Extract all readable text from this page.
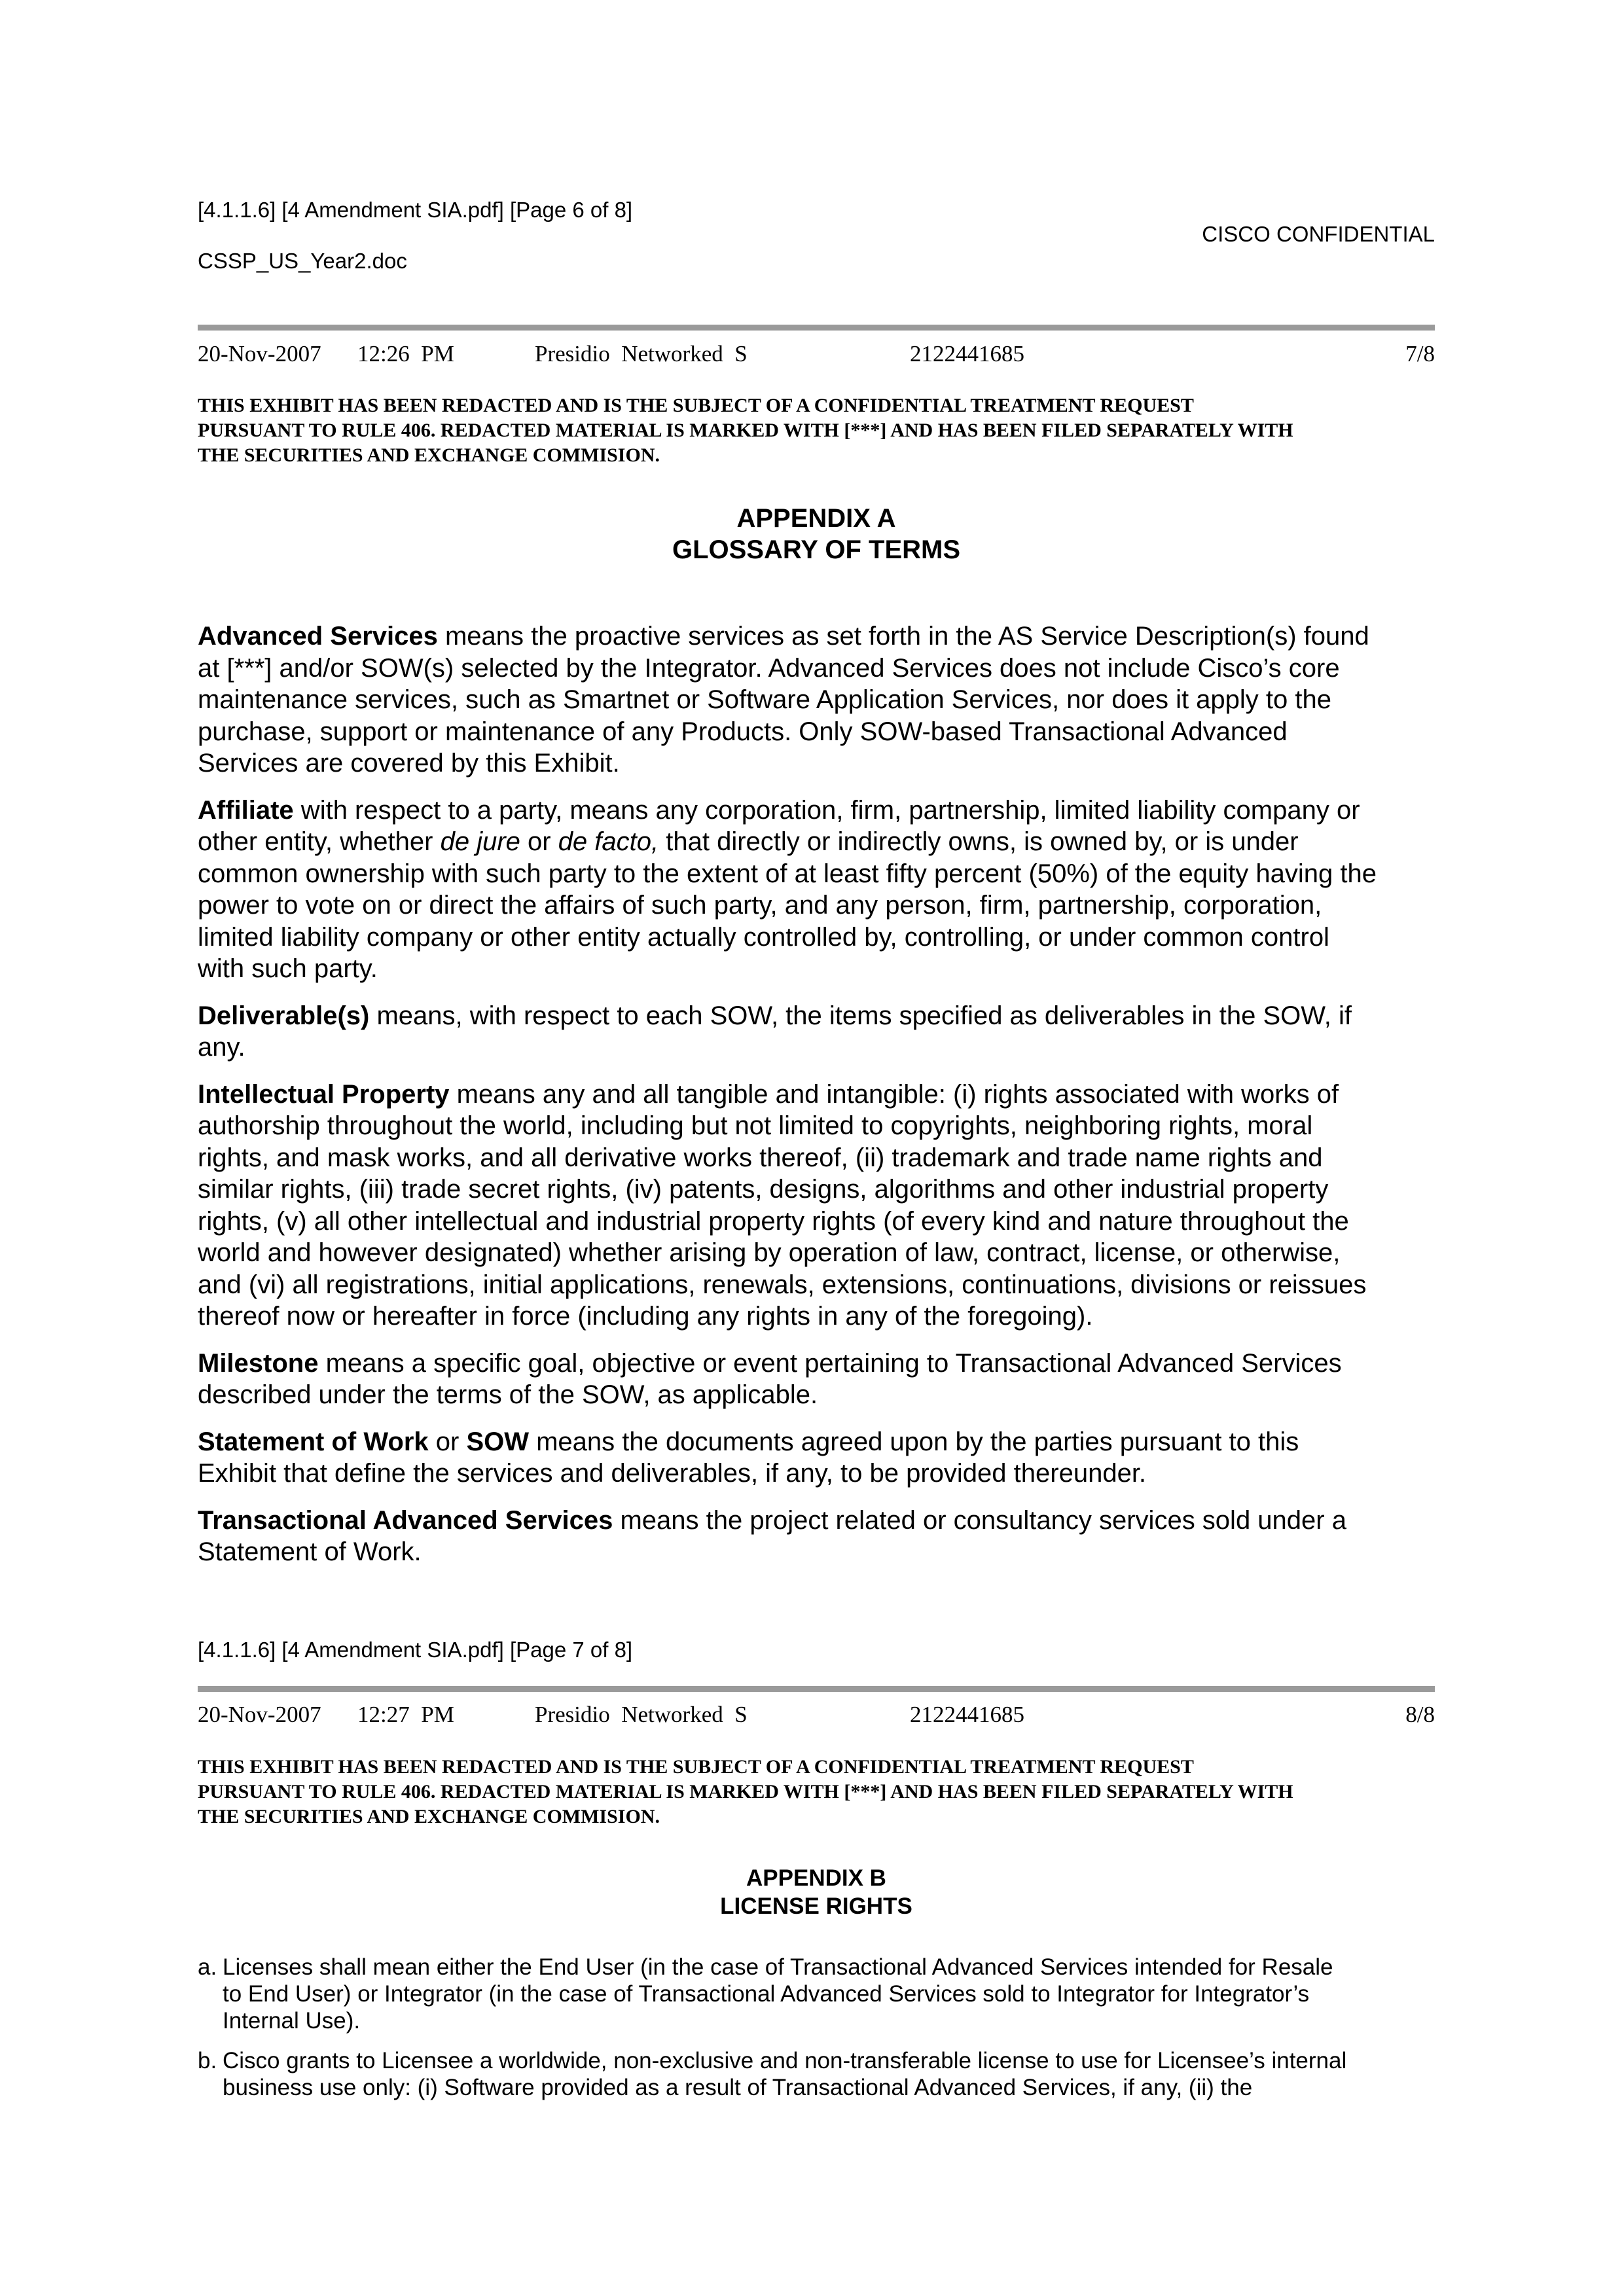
[4.1.1.6] [4 Amendment SIA.pdf] [Page 6 of 8]
CISCO CONFIDENTIAL
CSSP_US_Year2.doc
20-Nov-2007 12:26  PM	Presidio  Networked  S	2122441685	7/8
THIS EXHIBIT HAS BEEN REDACTED AND IS THE SUBJECT OF A CONFIDENTIAL TREATMENT REQUEST
PURSUANT TO RULE 406. REDACTED MATERIAL IS MARKED WITH [***] AND HAS BEEN FILED SEPARATELY WITH
THE SECURITIES AND EXCHANGE COMMISION.
APPENDIX A
GLOSSARY OF TERMS

Advanced Services means the proactive services as set forth in the AS Service Description(s) found
at [***] and/or SOW(s) selected by the Integrator. Advanced Services does not include Cisco’s core
maintenance services, such as Smartnet or Software Application Services, nor does it apply to the
purchase, support or maintenance of any Products. Only SOW-based Transactional Advanced
Services are covered by this Exhibit.

Affiliate with respect to a party, means any corporation, firm, partnership, limited liability company or
other entity, whether de jure or de facto, that directly or indirectly owns, is owned by, or is under
common ownership with such party to the extent of at least fifty percent (50%) of the equity having the
power to vote on or direct the affairs of such party, and any person, firm, partnership, corporation,
limited liability company or other entity actually controlled by, controlling, or under common control
with such party.

Deliverable(s) means, with respect to each SOW, the items specified as deliverables in the SOW, if
any.

Intellectual Property means any and all tangible and intangible: (i) rights associated with works of
authorship throughout the world, including but not limited to copyrights, neighboring rights, moral
rights, and mask works, and all derivative works thereof, (ii) trademark and trade name rights and
similar rights, (iii) trade secret rights, (iv) patents, designs, algorithms and other industrial property
rights, (v) all other intellectual and industrial property rights (of every kind and nature throughout the
world and however designated) whether arising by operation of law, contract, license, or otherwise,
and (vi) all registrations, initial applications, renewals, extensions, continuations, divisions or reissues
thereof now or hereafter in force (including any rights in any of the foregoing).

Milestone means a specific goal, objective or event pertaining to Transactional Advanced Services
described under the terms of the SOW, as applicable.

Statement of Work or SOW means the documents agreed upon by the parties pursuant to this
Exhibit that define the services and deliverables, if any, to be provided thereunder.

Transactional Advanced Services means the project related or consultancy services sold under a
Statement of Work.

[4.1.1.6] [4 Amendment SIA.pdf] [Page 7 of 8]
20-Nov-2007 12:27  PM	Presidio  Networked  S	2122441685	8/8
THIS EXHIBIT HAS BEEN REDACTED AND IS THE SUBJECT OF A CONFIDENTIAL TREATMENT REQUEST
PURSUANT TO RULE 406. REDACTED MATERIAL IS MARKED WITH [***] AND HAS BEEN FILED SEPARATELY WITH
THE SECURITIES AND EXCHANGE COMMISION.
APPENDIX B
LICENSE RIGHTS
a. Licenses shall mean either the End User (in the case of Transactional Advanced Services intended for Resale
to End User) or Integrator (in the case of Transactional Advanced Services sold to Integrator for Integrator’s
Internal Use).
b. Cisco grants to Licensee a worldwide, non-exclusive and non-transferable license to use for Licensee’s internal
business use only: (i) Software provided as a result of Transactional Advanced Services, if any, (ii) the
